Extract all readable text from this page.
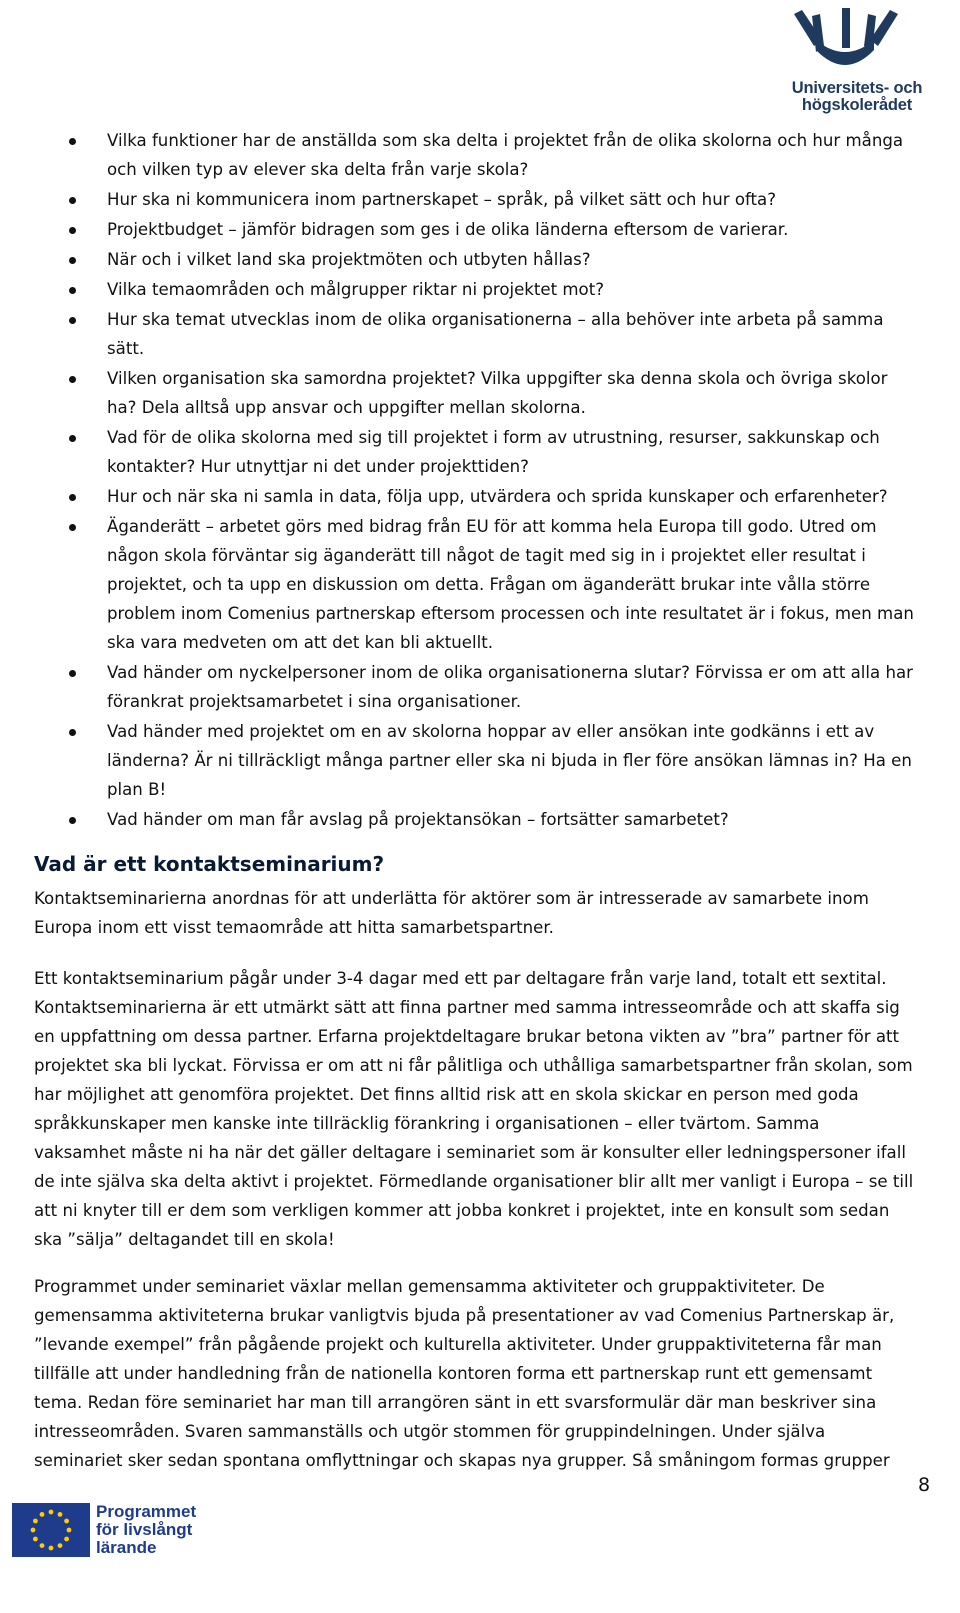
Universitets- och
högskolerådet
Vilka funktioner har de anställda som ska delta i projektet från de olika skolorna och hur många och vilken typ av elever ska delta från varje skola?
Hur ska ni kommunicera inom partnerskapet – språk, på vilket sätt och hur ofta?
Projektbudget – jämför bidragen som ges i de olika länderna eftersom de varierar.
När och i vilket land ska projektmöten och utbyten hållas?
Vilka temaområden och målgrupper riktar ni projektet mot?
Hur ska temat utvecklas inom de olika organisationerna – alla behöver inte arbeta på samma sätt.
Vilken organisation ska samordna projektet? Vilka uppgifter ska denna skola och övriga skolor ha? Dela alltså upp ansvar och uppgifter mellan skolorna.
Vad för de olika skolorna med sig till projektet i form av utrustning, resurser, sakkunskap och kontakter? Hur utnyttjar ni det under projekttiden?
Hur och när ska ni samla in data, följa upp, utvärdera och sprida kunskaper och erfarenheter?
Äganderätt – arbetet görs med bidrag från EU för att komma hela Europa till godo. Utred om någon skola förväntar sig äganderätt till något de tagit med sig in i projektet eller resultat i projektet, och ta upp en diskussion om detta. Frågan om äganderätt brukar inte vålla större problem inom Comenius partnerskap eftersom processen och inte resultatet är i fokus, men man ska vara medveten om att det kan bli aktuellt.
Vad händer om nyckelpersoner inom de olika organisationerna slutar? Förvissa er om att alla har förankrat projektsamarbetet i sina organisationer.
Vad händer med projektet om en av skolorna hoppar av eller ansökan inte godkänns i ett av länderna? Är ni tillräckligt många partner eller ska ni bjuda in fler före ansökan lämnas in? Ha en plan B!
Vad händer om man får avslag på projektansökan – fortsätter samarbetet?
Vad är ett kontaktseminarium?

Kontaktseminarierna anordnas för att underlätta för aktörer som är intresserade av samarbete inom Europa inom ett visst temaområde att hitta samarbetspartner.

Ett kontaktseminarium pågår under 3-4 dagar med ett par deltagare från varje land, totalt ett sextital. Kontaktseminarierna är ett utmärkt sätt att finna partner med samma intresseområde och att skaffa sig en uppfattning om dessa partner. Erfarna projektdeltagare brukar betona vikten av ”bra” partner för att projektet ska bli lyckat. Förvissa er om att ni får pålitliga och uthålliga samarbetspartner från skolan, som har möjlighet att genomföra projektet. Det finns alltid risk att en skola skickar en person med goda språkkunskaper men kanske inte tillräcklig förankring i organisationen – eller tvärtom. Samma vaksamhet måste ni ha när det gäller deltagare i seminariet som är konsulter eller ledningspersoner ifall de inte själva ska delta aktivt i projektet. Förmedlande organisationer blir allt mer vanligt i Europa – se till att ni knyter till er dem som verkligen kommer att jobba konkret i projektet, inte en konsult som sedan ska ”sälja” deltagandet till en skola!

Programmet under seminariet växlar mellan gemensamma aktiviteter och gruppaktiviteter. De gemensamma aktiviteterna brukar vanligtvis bjuda på presentationer av vad Comenius Partnerskap är, ”levande exempel” från pågående projekt och kulturella aktiviteter. Under gruppaktiviteterna får man tillfälle att under handledning från de nationella kontoren forma ett partnerskap runt ett gemensamt tema. Redan före seminariet har man till arrangören sänt in ett svarsformulär där man beskriver sina intresseområden. Svaren sammanställs och utgör stommen för gruppindelningen. Under själva seminariet sker sedan spontana omflyttningar och skapas nya grupper. Så småningom formas grupper

8
Programmet
för livslångt
lärande
